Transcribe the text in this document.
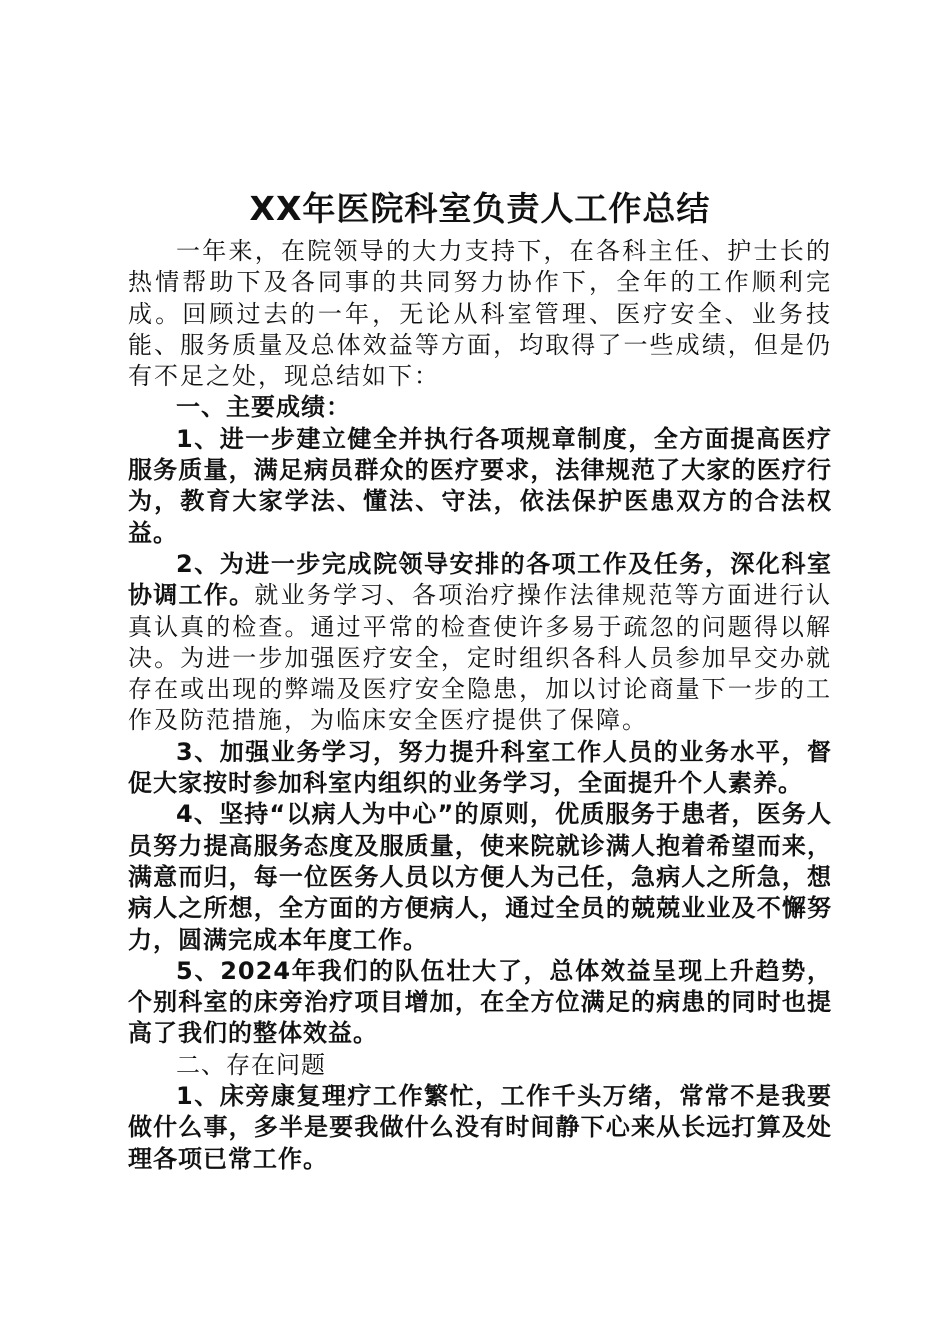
XX年医院科室负责人工作总结

一年来，在院领导的大力支持下，在各科主任、护士长的热情帮助下及各同事的共同努力协作下，全年的工作顺利完成。回顾过去的一年，无论从科室管理、医疗安全、业务技能、服务质量及总体效益等方面，均取得了一些成绩，但是仍有不足之处，现总结如下：

一、主要成绩：

1、进一步建立健全并执行各项规章制度，全方面提高医疗服务质量，满足病员群众的医疗要求，法律规范了大家的医疗行为，教育大家学法、懂法、守法，依法保护医患双方的合法权益。

2、为进一步完成院领导安排的各项工作及任务，深化科室协调工作。就业务学习、各项治疗操作法律规范等方面进行认真认真的检查。通过平常的检查使许多易于疏忽的问题得以解决。为进一步加强医疗安全，定时组织各科人员参加早交办就存在或出现的弊端及医疗安全隐患，加以讨论商量下一步的工作及防范措施，为临床安全医疗提供了保障。

3、加强业务学习，努力提升科室工作人员的业务水平，督促大家按时参加科室内组织的业务学习，全面提升个人素养。

4、坚持“以病人为中心”的原则，优质服务于患者，医务人员努力提高服务态度及服质量，使来院就诊满人抱着希望而来，满意而归，每一位医务人员以方便人为己任，急病人之所急，想病人之所想，全方面的方便病人，通过全员的兢兢业业及不懈努力，圆满完成本年度工作。

5、2024年我们的队伍壮大了，总体效益呈现上升趋势，个别科室的床旁治疗项目增加，在全方位满足的病患的同时也提高了我们的整体效益。

二、存在问题

1、床旁康复理疗工作繁忙，工作千头万绪，常常不是我要做什么事，多半是要我做什么没有时间静下心来从长远打算及处理各项已常工作。
